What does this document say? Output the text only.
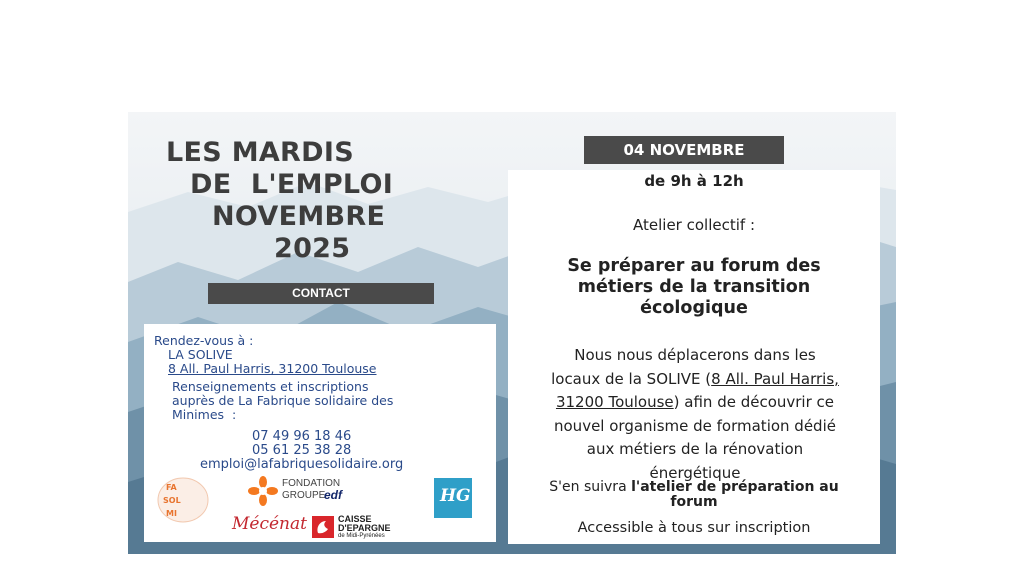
LES MARDIS
DE  L'EMPLOI
NOVEMBRE
2025
CONTACT
Rendez-vous à :
LA SOLIVE
8 All. Paul Harris, 31200 Toulouse
Renseignements et inscriptions
auprès de La Fabrique solidaire des
Minimes  :
07 49 96 18 46
05 61 25 38 28
emploi@lafabriquesolidaire.org
FA
SOL
MI
FONDATION
GROUPE
edf
Mécénat	CAISSE
D'EPARGNE
de Midi-Pyrénées
HG
04 NOVEMBRE
de 9h à 12h
Atelier collectif :
Se préparer au forum des
métiers de la transition
écologique
Nous nous déplacerons dans les
locaux de la SOLIVE (8 All. Paul Harris,
31200 Toulouse) afin de découvrir ce
nouvel organisme de formation dédié
aux métiers de la rénovation
énergétique
S'en suivra l'atelier de préparation au
forum
Accessible à tous sur inscription
